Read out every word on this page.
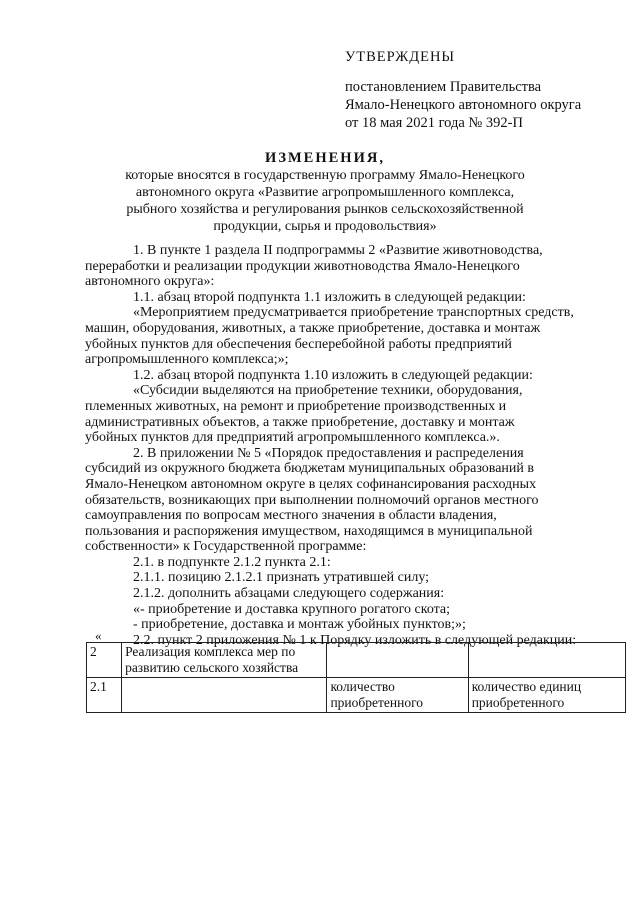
УТВЕРЖДЕНЫ
постановлением Правительства
Ямало-Ненецкого автономного округа
от 18 мая 2021 года № 392-П
ИЗМЕНЕНИЯ,
которые вносятся в государственную программу Ямало-Ненецкого
автономного округа «Развитие агропромышленного комплекса,
рыбного хозяйства и регулирования рынков сельскохозяйственной
продукции, сырья и продовольствия»

1. В пункте 1 раздела II подпрограммы 2 «Развитие животноводства,
переработки и реализации продукции животноводства Ямало-Ненецкого
автономного округа»:

1.1. абзац второй подпункта 1.1 изложить в следующей редакции:

«Мероприятием предусматривается приобретение транспортных средств,
машин, оборудования, животных, а также приобретение, доставка и монтаж
убойных пунктов для обеспечения бесперебойной работы предприятий
агропромышленного комплекса;»;

1.2. абзац второй подпункта 1.10 изложить в следующей редакции:

«Субсидии выделяются на приобретение техники, оборудования,
племенных животных, на ремонт и приобретение производственных и
административных объектов, а также приобретение, доставку и монтаж
убойных пунктов для предприятий агропромышленного комплекса.».

2. В приложении № 5 «Порядок предоставления и распределения
субсидий из окружного бюджета бюджетам муниципальных образований в
Ямало-Ненецком автономном округе в целях софинансирования расходных
обязательств, возникающих при выполнении полномочий органов местного
самоуправления по вопросам местного значения в области владения,
пользования и распоряжения имуществом, находящимся в муниципальной
собственности» к Государственной программе:

2.1. в подпункте 2.1.2 пункта 2.1:

2.1.1. позицию 2.1.2.1 признать утратившей силу;

2.1.2. дополнить абзацами следующего содержания:

«- приобретение и доставка крупного рогатого скота;

- приобретение, доставка и монтаж убойных пунктов;»;

2.2. пункт 2 приложения № 1 к Порядку изложить в следующей редакции:

«
2	Реализация комплекса мер по развитию сельского хозяйства		
2.1		количество приобретенного	количество единиц приобретенного
